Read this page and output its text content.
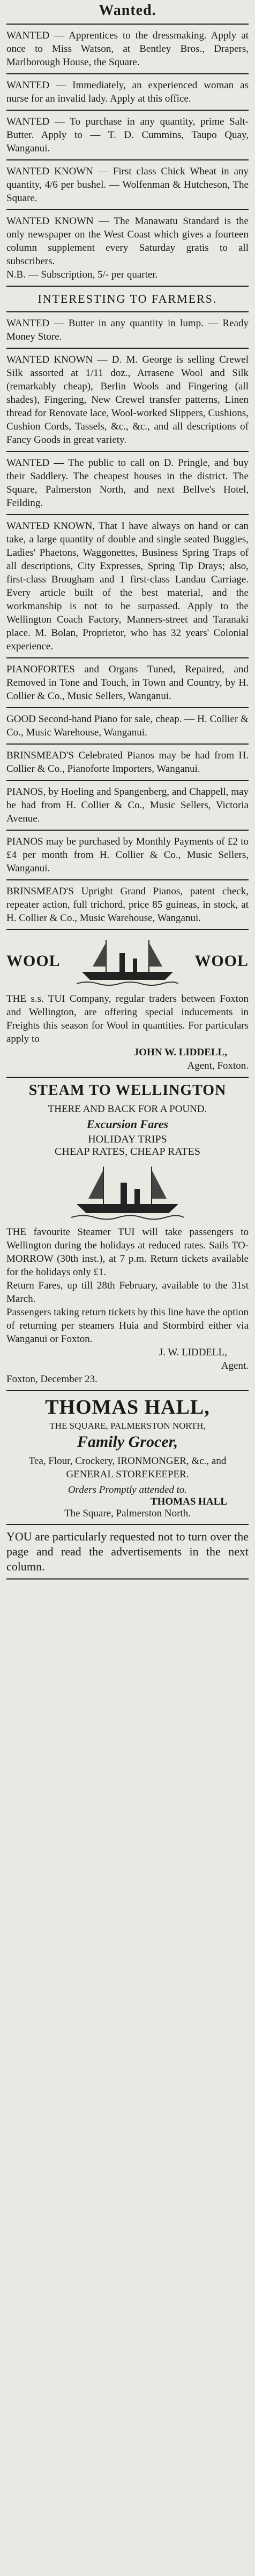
Wanted.

WANTED — Apprentices to the dressmaking. Apply at once to Miss Watson, at Bentley Bros., Drapers, Marlborough House, the Square.

WANTED — Immediately, an experienced woman as nurse for an invalid lady. Apply at this office.

WANTED — To purchase in any quantity, prime Salt-Butter. Apply to — T. D. Cummins, Taupo Quay, Wanganui.

WANTED KNOWN — First class Chick Wheat in any quantity, 4/6 per bushel. — Wolfenman & Hutcheson, The Square.

WANTED KNOWN — The Manawatu Standard is the only newspaper on the West Coast which gives a fourteen column supplement every Saturday gratis to all subscribers.

N.B. — Subscription, 5/- per quarter.

INTERESTING TO FARMERS.

WANTED — Butter in any quantity in lump. — Ready Money Store.

WANTED KNOWN — D. M. George is selling Crewel Silk assorted at 1/11 doz., Arrasene Wool and Silk (remarkably cheap), Berlin Wools and Fingering (all shades), Fingering, New Crewel transfer patterns, Linen thread for Renovate lace, Wool-worked Slippers, Cushions, Cushion Cords, Tassels, &c., &c., and all descriptions of Fancy Goods in great variety.

WANTED — The public to call on D. Pringle, and buy their Saddlery. The cheapest houses in the district. The Square, Palmerston North, and next Bellve's Hotel, Feilding.

WANTED KNOWN, That I have always on hand or can take, a large quantity of double and single seated Buggies, Ladies' Phaetons, Waggonettes, Business Spring Traps of all descriptions, City Expresses, Spring Tip Drays; also, first-class Brougham and 1 first-class Landau Carriage. Every article built of the best material, and the workmanship is not to be surpassed. Apply to the Wellington Coach Factory, Manners-street and Taranaki place. M. Bolan, Proprietor, who has 32 years' Colonial experience.

PIANOFORTES and Organs Tuned, Repaired, and Removed in Tone and Touch, in Town and Country, by H. Collier & Co., Music Sellers, Wanganui.

GOOD Second-hand Piano for sale, cheap. — H. Collier & Co., Music Warehouse, Wanganui.

BRINSMEAD'S Celebrated Pianos may be had from H. Collier & Co., Pianoforte Importers, Wanganui.

PIANOS, by Hoeling and Spangenberg, and Chappell, may be had from H. Collier & Co., Music Sellers, Victoria Avenue.

PIANOS may be purchased by Monthly Payments of £2 to £4 per month from H. Collier & Co., Music Sellers, Wanganui.

BRINSMEAD'S Upright Grand Pianos, patent check, repeater action, full trichord, price 85 guineas, in stock, at H. Collier & Co., Music Warehouse, Wanganui.

WOOL	WOOL

THE s.s. TUI Company, regular traders between Foxton and Wellington, are offering special inducements in Freights this season for Wool in quantities. For particulars apply to

JOHN W. LIDDELL,

Agent, Foxton.

STEAM TO WELLINGTON
THERE AND BACK FOR A POUND.
Excursion Fares
HOLIDAY TRIPS
CHEAP RATES, CHEAP RATES

THE favourite Steamer TUI will take passengers to Wellington during the holidays at reduced rates. Sails TO-MORROW (30th inst.), at 7 p.m. Return tickets available for the holidays only £1.

Return Fares, up till 28th February, available to the 31st March.

Passengers taking return tickets by this line have the option of returning per steamers Huia and Stormbird either via Wanganui or Foxton.

J. W. LIDDELL,

Agent.

Foxton, December 23.

THOMAS HALL,
THE SQUARE, PALMERSTON NORTH,
Family Grocer,

Tea, Flour, Crockery, IRONMONGER, &c., and GENERAL STOREKEEPER.

Orders Promptly attended to.
THOMAS HALL
The Square, Palmerston North.

YOU are particularly requested not to turn over the page and read the advertisements in the next column.
